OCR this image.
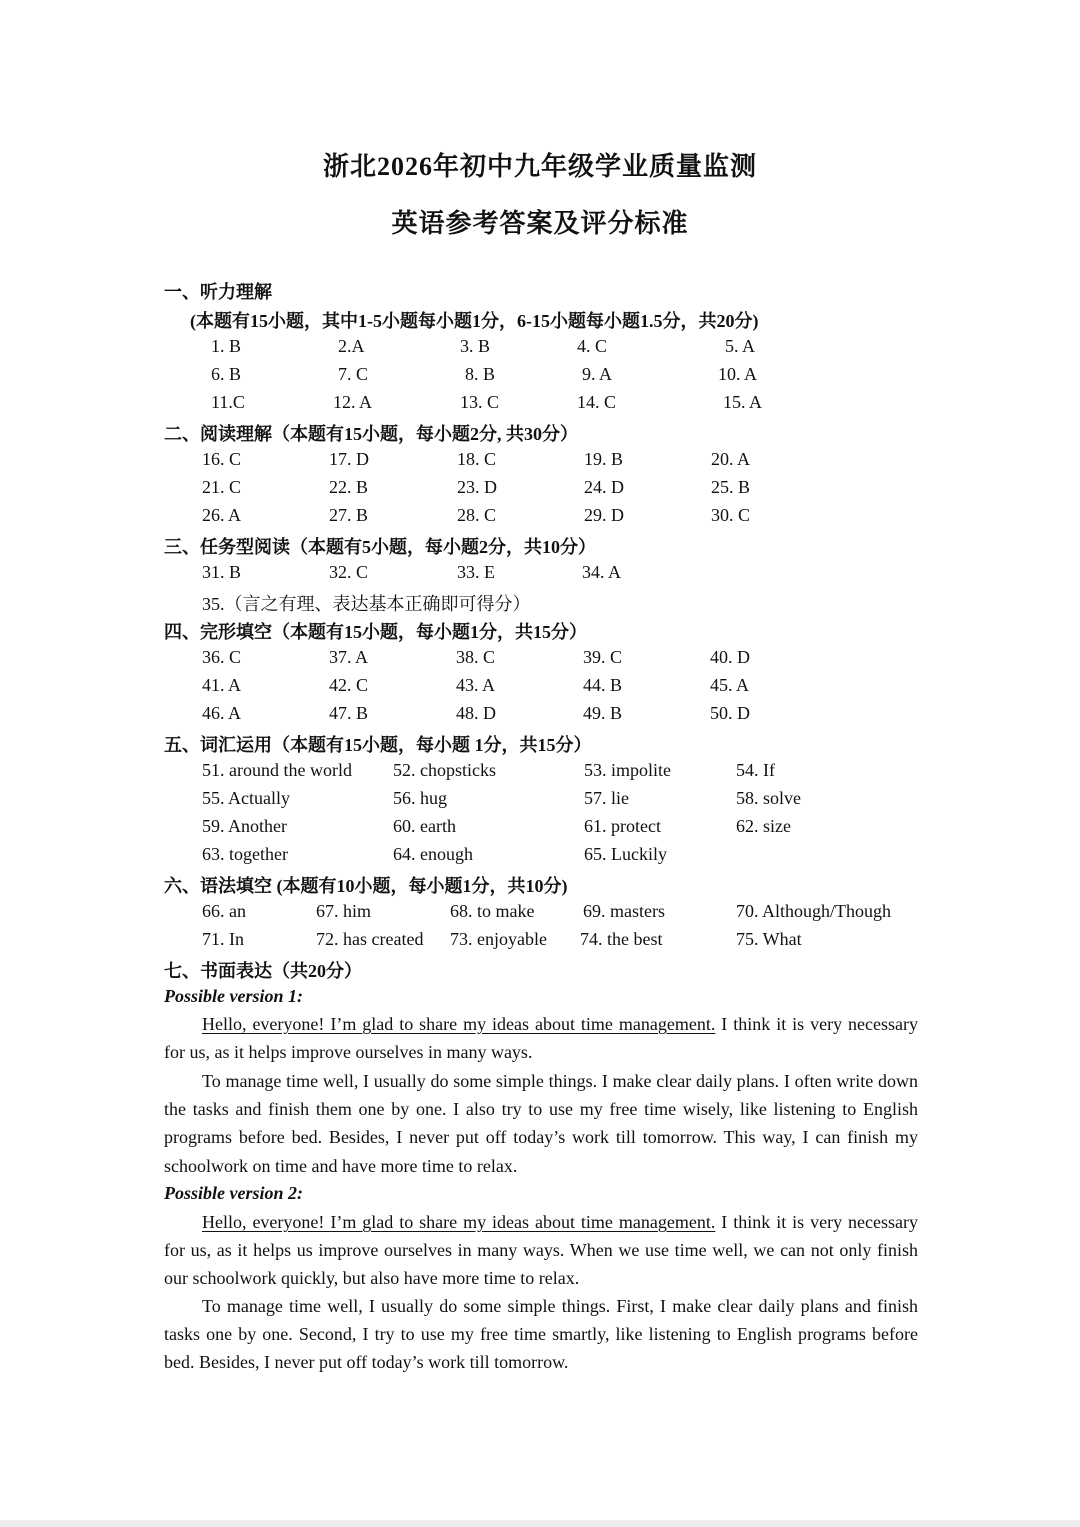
浙北2026年初中九年级学业质量监测
英语参考答案及评分标准
一、听力理解
(本题有15小题，其中1-5小题每小题1分，6-15小题每小题1.5分，共20分)
1. B	2.A	3. B	4. C	5. A
6. B	7. C	8. B	9. A	10. A
11.C	12. A	13. C	14. C	15. A
二、阅读理解（本题有15小题，每小题2分, 共30分）
16. C	17. D	18. C	19. B	20. A
21. C	22. B	23. D	24. D	25. B
26. A	27. B	28. C	29. D	30. C
三、任务型阅读（本题有5小题，每小题2分，共10分）
31. B	32. C	33. E	34. A
35.（言之有理、表达基本正确即可得分）
四、完形填空（本题有15小题，每小题1分，共15分）
36. C	37. A	38. C	39. C	40. D
41. A	42. C	43. A	44. B	45. A
46. A	47. B	48. D	49. B	50. D
五、词汇运用（本题有15小题，每小题 1分，共15分）
51. around the world 52. chopsticks	53. impolite	54. If
55. Actually	56. hug	57. lie	58. solve
59. Another	60. earth	61. protect	62. size
63. together	64. enough	65. Luckily
六、语法填空 (本题有10小题，每小题1分，共10分)
66. an	67. him	68. to make	69. masters	70. Although/Though
71. In	72. has created 73. enjoyable 74. the best	75. What
七、书面表达（共20分）
Possible version 1:
Hello, everyone! I’m glad to share my ideas about time management. I think it is very necessary for us, as it helps improve ourselves in many ways.
To manage time well, I usually do some simple things. I make clear daily plans. I often write down the tasks and finish them one by one. I also try to use my free time wisely, like listening to English programs before bed. Besides, I never put off today’s work till tomorrow. This way, I can finish my schoolwork on time and have more time to relax.
Possible version 2:
Hello, everyone! I’m glad to share my ideas about time management. I think it is very necessary for us, as it helps us improve ourselves in many ways. When we use time well, we can not only finish our schoolwork quickly, but also have more time to relax.
To manage time well, I usually do some simple things. First, I make clear daily plans and finish tasks one by one. Second, I try to use my free time smartly, like listening to English programs before bed. Besides, I never put off today’s work till tomorrow.
